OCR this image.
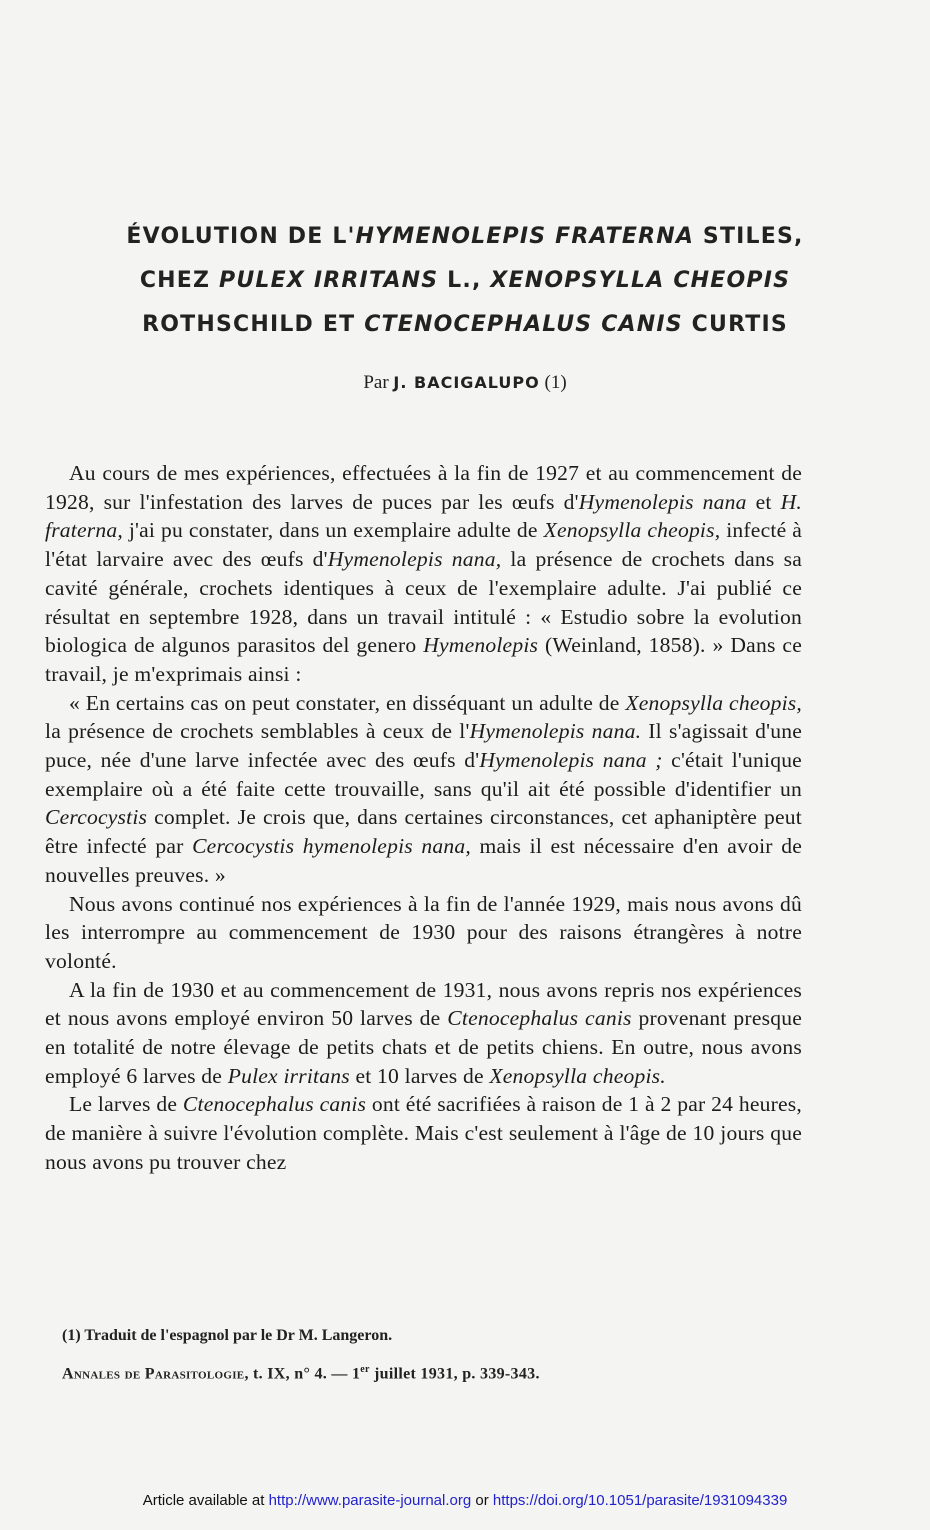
ÉVOLUTION DE L'HYMENOLEPIS FRATERNA STILES,
CHEZ PULEX IRRITANS L., XENOPSYLLA CHEOPIS
ROTHSCHILD ET CTENOCEPHALUS CANIS CURTIS
Par J. BACIGALUPO (1)

Au cours de mes expériences, effectuées à la fin de 1927 et au commencement de 1928, sur l'infestation des larves de puces par les œufs d'Hymenolepis nana et H. fraterna, j'ai pu constater, dans un exemplaire adulte de Xenopsylla cheopis, infecté à l'état larvaire avec des œufs d'Hymenolepis nana, la présence de crochets dans sa cavité générale, crochets identiques à ceux de l'exemplaire adulte. J'ai publié ce résultat en septembre 1928, dans un travail intitulé : « Estudio sobre la evolution biologica de algunos parasitos del genero Hymenolepis (Weinland, 1858). » Dans ce travail, je m'exprimais ainsi :

« En certains cas on peut constater, en disséquant un adulte de Xenopsylla cheopis, la présence de crochets semblables à ceux de l'Hymenolepis nana. Il s'agissait d'une puce, née d'une larve infectée avec des œufs d'Hymenolepis nana ; c'était l'unique exemplaire où a été faite cette trouvaille, sans qu'il ait été possible d'identifier un Cercocystis complet. Je crois que, dans certaines circonstances, cet aphaniptère peut être infecté par Cercocystis hymenolepis nana, mais il est nécessaire d'en avoir de nouvelles preuves. »

Nous avons continué nos expériences à la fin de l'année 1929, mais nous avons dû les interrompre au commencement de 1930 pour des raisons étrangères à notre volonté.

A la fin de 1930 et au commencement de 1931, nous avons repris nos expériences et nous avons employé environ 50 larves de Ctenocephalus canis provenant presque en totalité de notre élevage de petits chats et de petits chiens. En outre, nous avons employé 6 larves de Pulex irritans et 10 larves de Xenopsylla cheopis.

Le larves de Ctenocephalus canis ont été sacrifiées à raison de 1 à 2 par 24 heures, de manière à suivre l'évolution complète. Mais c'est seulement à l'âge de 10 jours que nous avons pu trouver chez

(1) Traduit de l'espagnol par le Dr M. Langeron.
Annales de Parasitologie, t. IX, n° 4. — 1er juillet 1931, p. 339-343.
Article available at http://www.parasite-journal.org or https://doi.org/10.1051/parasite/1931094339
